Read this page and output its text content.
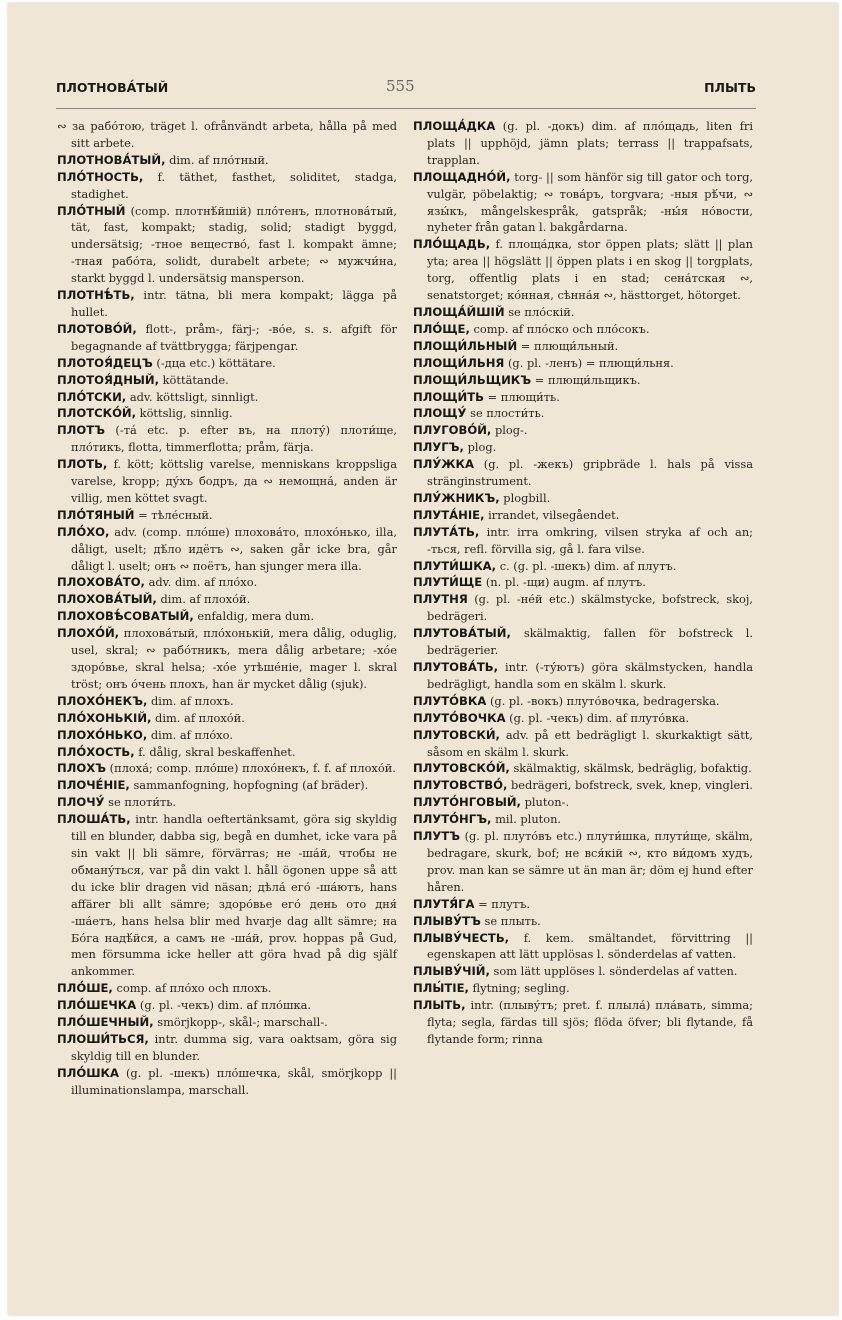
ПЛОТНОВА́ТЫЙ	555	ПЛЫТЬ

∾ за рабо́тою, träget l. ofrånvändt arbeta, hålla på med sitt arbete.

ПЛОТНОВА́ТЫЙ, dim. af пло́тный.

ПЛО́ТНОСТЬ, f. täthet, fasthet, soliditet, stadga, stadighet.

ПЛО́ТНЫЙ (comp. плотнѣ́йшій) пло́тенъ, плотнова́тый, tät, fast, kompakt; stadig, solid; stadigt byggd, undersätsig; -тное вещество́, fast l. kompakt ämne; -тная рабо́та, solidt, durabelt arbete; ∾ мужчи́на, starkt byggd l. undersätsig mansperson.

ПЛОТНѢ́ТЬ, intr. tätna, bli mera kompakt; lägga på hullet.

ПЛОТОВО́Й, flott-, pråm-, färj-; -во́е, s. s. afgift för begagnande af tvättbrygga; färjpengar.

ПЛОТОЯ́ДЕЦЪ (-дца etc.) köttätare.

ПЛОТОЯ́ДНЫЙ, köttätande.

ПЛО́ТСКИ, adv. köttsligt, sinnligt.

ПЛОТСКО́Й, köttslig, sinnlig.

ПЛОТЪ (-тá etc. p. efter въ, на плоту́) плоти́ще, пло́тикъ, flotta, timmerflotta; pråm, färja.

ПЛОТЬ, f. kött; köttslig varelse, menniskans kroppsliga varelse, kropp; ду́хъ бодръ, да ∾ немощна́, anden är villig, men köttet svagt.

ПЛО́ТЯНЫЙ = тѣле́сный.

ПЛО́ХО, adv. (comp. пло́ше) плохова́то, плохо́нько, illa, dåligt, uselt; дѣ́ло идётъ ∾, saken går icke bra, går dåligt l. uselt; онъ ∾ поётъ, han sjunger mera illa.

ПЛОХОВА́ТО, adv. dim. af пло́хо.

ПЛОХОВА́ТЫЙ, dim. af плохо́й.

ПЛОХОВѢ́СОВАТЫЙ, enfaldig, mera dum.

ПЛОХО́Й, плохова́тый, пло́хонькій, mera dålig, oduglig, usel, skral; ∾ рабо́тникъ, mera dålig arbetare; -хо́е здоро́вье, skral helsa; -хо́е утѣше́ніе, mager l. skral tröst; онъ о́чень плохъ, han är mycket dålig (sjuk).

ПЛОХО́НЕКЪ, dim. af плохъ.

ПЛО́ХОНЬКІЙ, dim. af плохо́й.

ПЛОХО́НЬКО, dim. af пло́хо.

ПЛО́ХОСТЬ, f. dålig, skral beskaffenhet.

ПЛОХЪ (плоха́; comp. пло́ше) плохо́некъ, f. f. af плохо́й.

ПЛОЧЕ́НІЕ, sammanfogning, hopfogning (af bräder).

ПЛОЧУ́ se плоти́ть.

ПЛОША́ТЬ, intr. handla oeftertänksamt, göra sig skyldig till en blunder, dabba sig, begå en dumhet, icke vara på sin vakt || bli sämre, förvärras; не -ша́й, чтобы не обману́ться, var på din vakt l. håll ögonen uppe så att du icke blir dragen vid näsan; дѣла́ его́ -ша́ютъ, hans affärer bli allt sämre; здоро́вье его́ день ото дня́ -ша́етъ, hans helsa blir med hvarje dag allt sämre; на Бо́га надѣ́йся, а самъ не -ша́й, prov. hoppas på Gud, men försumma icke heller att göra hvad på dig själf ankommer.

ПЛО́ШЕ, comp. af пло́хо och плохъ.

ПЛО́ШЕЧКА (g. pl. -чекъ) dim. af пло́шка.

ПЛО́ШЕЧНЫЙ, smörjkopp-, skål-; marschall-.

ПЛОШИ́ТЬСЯ, intr. dumma sig, vara oaktsam, göra sig skyldig till en blunder.

ПЛО́ШКА (g. pl. -шекъ) пло́шечка, skål, smörjkopp || illuminationslampa, marschall.

ПЛОЩА́ДКА (g. pl. -докъ) dim. af пло́щадь, liten fri plats || upphöjd, jämn plats; terrass || trappafsats, trapplan.

ПЛОЩАДНО́Й, torg- || som hänför sig till gator och torg, vulgär, pöbelaktig; ∾ това́ръ, torgvara; -ныя рѣ́чи, ∾ язы́къ, mångelskespråk, gatspråk; -ны́я но́вости, nyheter från gatan l. bakgårdarna.

ПЛО́ЩАДЬ, f. площа́дка, stor öppen plats; slätt || plan yta; area || högslätt || öppen plats i en skog || torgplats, torg, offentlig plats i en stad; сена́тская ∾, senatstorget; ко́нная, сѣнна́я ∾, hästtorget, hötorget.

ПЛОЩА́ЙШІЙ se пло́скій.

ПЛО́ЩЕ, comp. af пло́ско och пло́сокъ.

ПЛОЩИ́ЛЬНЫЙ = плющи́льный.

ПЛОЩИ́ЛЬНЯ (g. pl. -ленъ) = плющи́льня.

ПЛОЩИ́ЛЬЩИКЪ = плющи́льщикъ.

ПЛОЩИ́ТЬ = плющи́ть.

ПЛОЩУ́ se плости́ть.

ПЛУГОВО́Й, plog-.

ПЛУГЪ, plog.

ПЛУ́ЖКА (g. pl. -жекъ) gripbräde l. hals på vissa stränginstrument.

ПЛУ́ЖНИКЪ, plogbill.

ПЛУТА́НІЕ, irrandet, vilsegåendet.

ПЛУТА́ТЬ, intr. irra omkring, vilsen stryka af och an; -ться, refl. förvilla sig, gå l. fara vilse.

ПЛУТИ́ШКА, c. (g. pl. -шекъ) dim. af плутъ.

ПЛУТИ́ЩЕ (n. pl. -щи) augm. af плутъ.

ПЛУТНЯ (g. pl. -не́й etc.) skälmstycke, bofstreck, skoj, bedrägeri.

ПЛУТОВА́ТЫЙ, skälmaktig, fallen för bofstreck l. bedrägerier.

ПЛУТОВА́ТЬ, intr. (-ту́ютъ) göra skälmstycken, handla bedrägligt, handla som en skälm l. skurk.

ПЛУТО́ВКА (g. pl. -вокъ) плуто́вочка, bedragerska.

ПЛУТО́ВОЧКА (g. pl. -чекъ) dim. af плуто́вка.

ПЛУТОВСКИ́, adv. på ett bedrägligt l. skurkaktigt sätt, såsom en skälm l. skurk.

ПЛУТОВСКО́Й, skälmaktig, skälmsk, bedräglig, bofaktig.

ПЛУТОВСТВО́, bedrägeri, bofstreck, svek, knep, vingleri.

ПЛУТО́НГОВЫЙ, pluton-.

ПЛУТО́НГЪ, mil. pluton.

ПЛУТЪ (g. pl. плуто́въ etc.) плути́шка, плути́ще, skälm, bedragare, skurk, bof; не вся́кій ∾, кто ви́домъ худъ, prov. man kan se sämre ut än man är; döm ej hund efter håren.

ПЛУТЯ́ГА = плутъ.

ПЛЫВУ́ТЪ se плыть.

ПЛЫВУ́ЧЕСТЬ, f. kem. smältandet, förvittring || egenskapen att lätt upplösas l. sönderdelas af vatten.

ПЛЫВУ́ЧІЙ, som lätt upplöses l. sönderdelas af vatten.

ПЛЫ́ТІЕ, flytning; segling.

ПЛЫТЬ, intr. (плыву́тъ; pret. f. плыла́) пла́вать, simma; flyta; segla, färdas till sjös; flöda öfver; bli flytande, få flytande form; rinna
